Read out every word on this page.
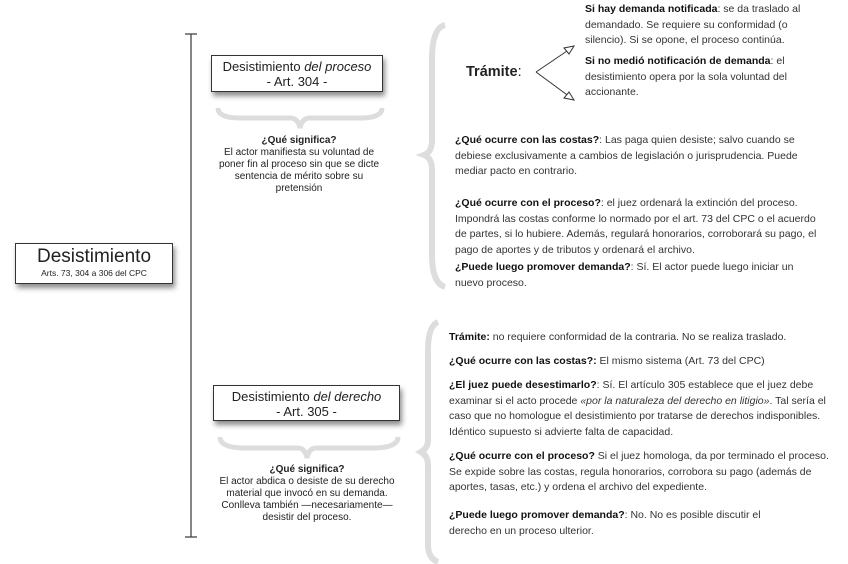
Desistimiento
Arts. 73, 304 a 306 del CPC
Desistimiento del proceso
- Art. 304 -
¿Qué significa?
El actor manifiesta su voluntad de poner fin al proceso sin que se dicte sentencia de mérito sobre su pretensión
Trámite:
Si hay demanda notificada: se da traslado al demandado. Se requiere su conformidad (o silencio). Si se opone, el proceso continúa.
Si no medió notificación de demanda: el desistimiento opera por la sola voluntad del accionante.
¿Qué ocurre con las costas?: Las paga quien desiste; salvo cuando se debiese exclusivamente a cambios de legislación o jurisprudencia. Puede mediar pacto en contrario.
¿Qué ocurre con el proceso?: el juez ordenará la extinción del proceso. Impondrá las costas conforme lo normado por el art. 73 del CPC o el acuerdo de partes, si lo hubiere. Además, regulará honorarios, corroborará su pago, el pago de aportes y de tributos y ordenará el archivo.
¿Puede luego promover demanda?: Sí. El actor puede luego iniciar un nuevo proceso.
Desistimiento del derecho
- Art. 305 -
¿Qué significa?
El actor abdica o desiste de su derecho material que invocó en su demanda. Conlleva también —necesariamente— desistir del proceso.
Trámite: no requiere conformidad de la contraria. No se realiza traslado.
¿Qué ocurre con las costas?: El mismo sistema (Art. 73 del CPC)
¿El juez puede desestimarlo?: Sí. El artículo 305 establece que el juez debe examinar si el acto procede «por la naturaleza del derecho en litigio». Tal sería el caso que no homologue el desistimiento por tratarse de derechos indisponibles. Idéntico supuesto si advierte falta de capacidad.
¿Qué ocurre con el proceso? Si el juez homologa, da por terminado el proceso. Se expide sobre las costas, regula honorarios, corrobora su pago (además de aportes, tasas, etc.) y ordena el archivo del expediente.
¿Puede luego promover demanda?: No. No es posible discutir el derecho en un proceso ulterior.
